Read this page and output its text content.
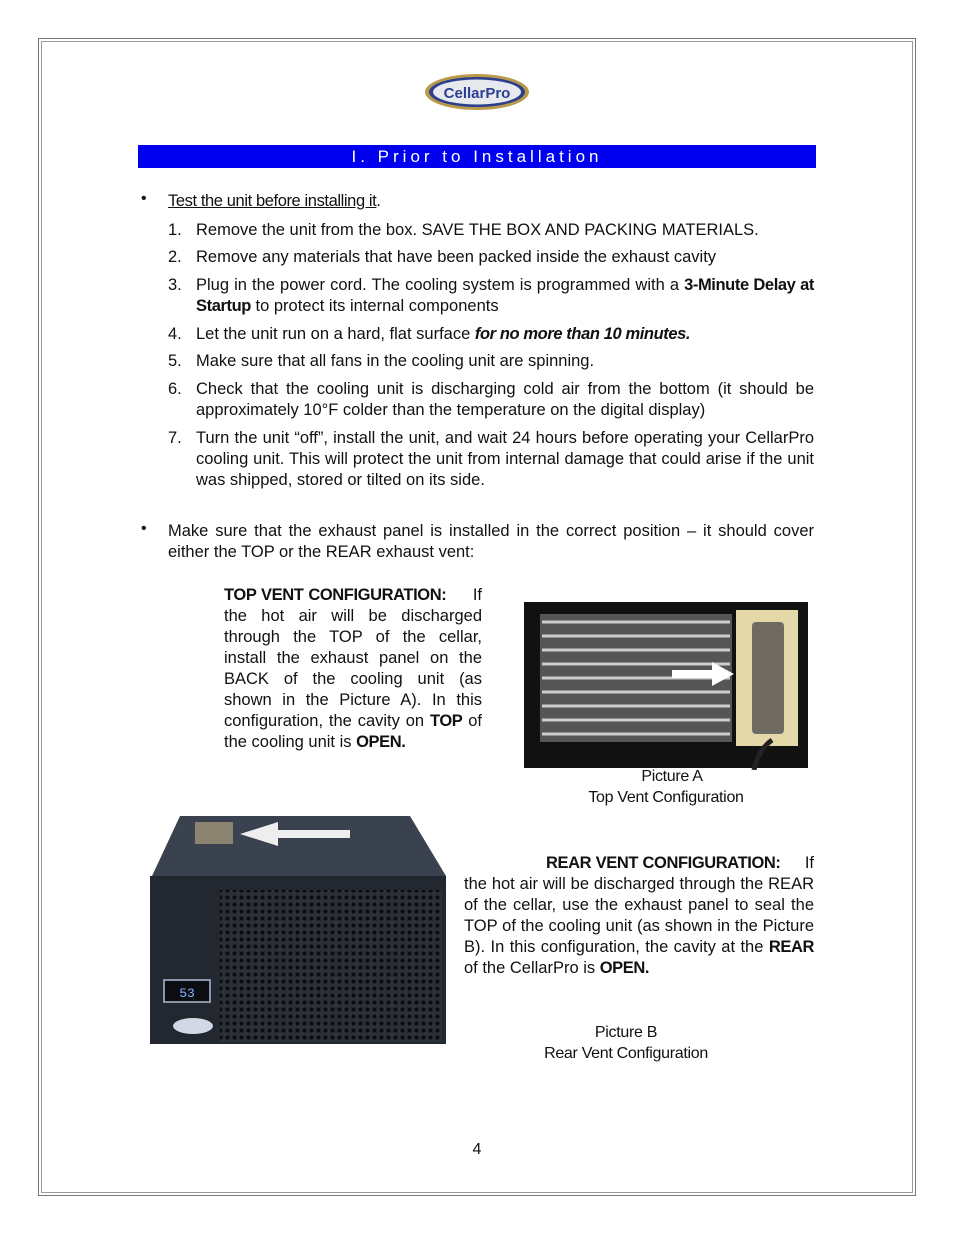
CellarPro
I. Prior to Installation
• Test the unit before installing it.
1. Remove the unit from the box. SAVE THE BOX AND PACKING MATERIALS.
2. Remove any materials that have been packed inside the exhaust cavity
3. Plug in the power cord. The cooling system is programmed with a 3-Minute Delay at Startup to protect its internal components
4. Let the unit run on a hard, flat surface for no more than 10 minutes.
5. Make sure that all fans in the cooling unit are spinning.
6. Check that the cooling unit is discharging cold air from the bottom (it should be approximately 10°F colder than the temperature on the digital display)
7. Turn the unit “off”, install the unit, and wait 24 hours before operating your CellarPro cooling unit. This will protect the unit from internal damage that could arise if the unit was shipped, stored or tilted on its side.
• Make sure that the exhaust panel is installed in the correct position – it should cover either the TOP or the REAR exhaust vent:
TOP VENT CONFIGURATION: If the hot air will be discharged through the TOP of the cellar, install the exhaust panel on the BACK of the cooling unit (as shown in the Picture A). In this configuration, the cavity on TOP of the cooling unit is OPEN.
Picture A
Top Vent Configuration
53
REAR VENT CONFIGURATION: If the hot air will be discharged through the REAR of the cellar, use the exhaust panel to seal the TOP of the cooling unit (as shown in the Picture B). In this configuration, the cavity at the REAR of the CellarPro is OPEN.
Picture B
Rear Vent Configuration
4
